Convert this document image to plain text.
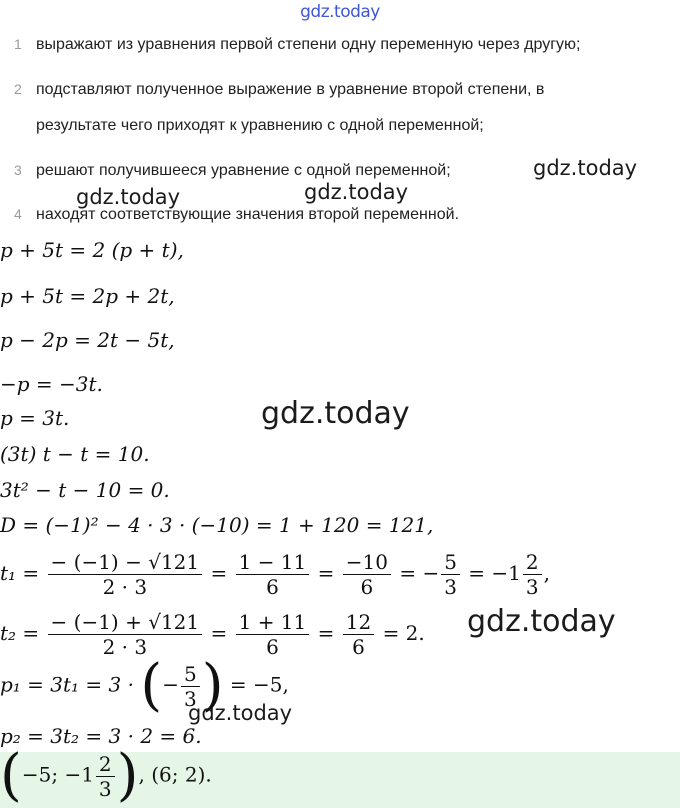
gdz.today
1 выражают из уравнения первой степени одну переменную через другую;
2 подставляют полученное выражение в уравнение второй степени, в
результате чего приходят к уравнению с одной переменной;
3 решают получившееся уравнение с одной переменной;
4 находят соответствующие значения второй переменной.
gdz.today
gdz.today	gdz.today
gdz.today
gdz.today
gdz.today
p + 5t = 2 (p + t),
p + 5t = 2p + 2t,
p − 2p = 2t − 5t,
−p = −3t.
p = 3t.
(3t) t − t = 10.
3t² − t − 10 = 0.
D = (−1)² − 4 · 3 · (−10) = 1 + 120 = 121,
$t_1 = \frac{- (-1) - √121}{2 \cdot 3} = \frac{1 - 11}{6} = \frac{-10}{6}$ = − $\frac{5}{3} = -1 \frac{2}{3}$ ,
$t_2 = \frac{- (-1) + √121}{2 \cdot 3} = \frac{1 + 11}{6} = \frac{12}{6} = 2$.
p₁ = 3t₁ = 3 · (− $\frac{5}{3}$ ) = −5,
p₂ = 3t₂ = 3 · 2 = 6.
(−5; $-1 \frac{2}{3}$ ), (6; 2).
